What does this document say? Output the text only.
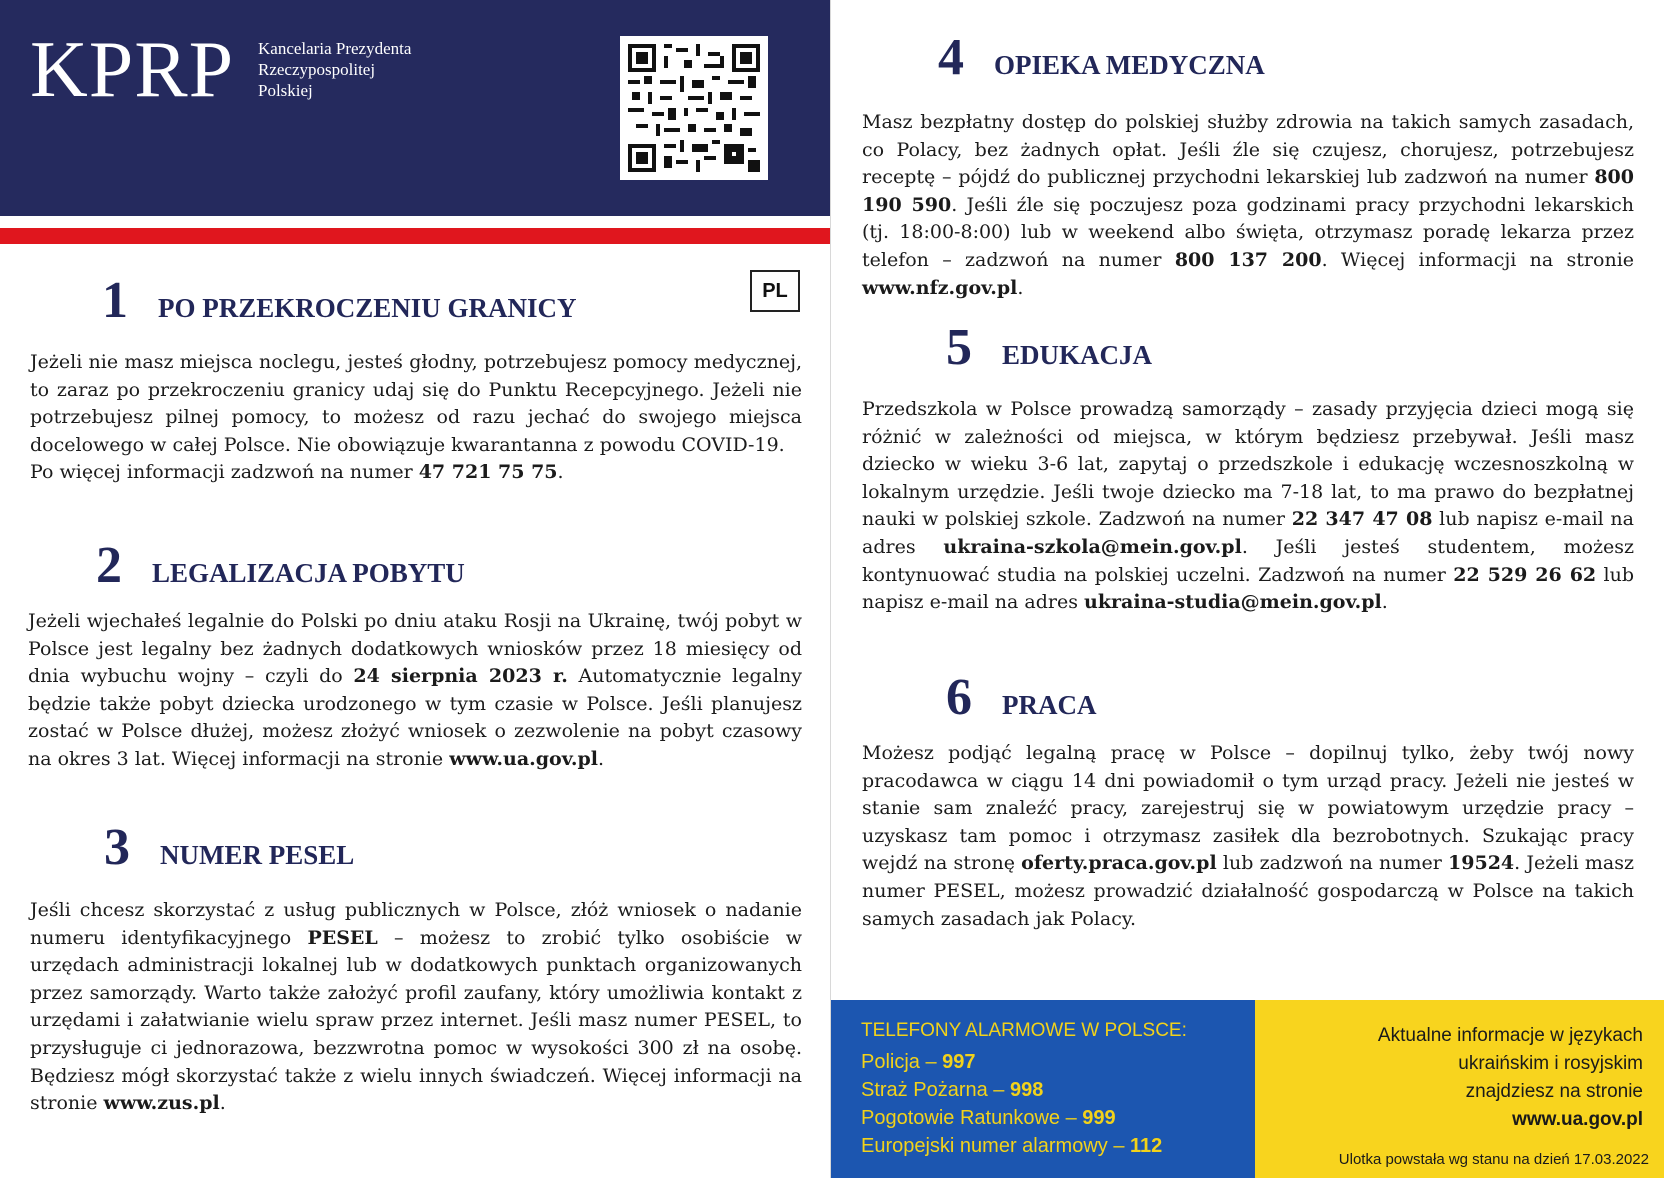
KPRP Kancelaria Prezydenta
Rzeczypospolitej
Polskiej
PL
1 PO PRZEKROCZENIU GRANICY
Jeżeli nie masz miejsca noclegu, jesteś głodny, potrzebujesz pomocy medycznej, to zaraz po przekroczeniu granicy udaj się do Punktu Recepcyjnego. Jeżeli nie potrzebujesz pilnej pomocy, to możesz od razu jechać do swojego miejsca docelowego w całej Polsce. Nie obowiązuje kwarantanna z powodu COVID-19.
Po więcej informacji zadzwoń na numer 47 721 75 75.
2 LEGALIZACJA POBYTU
Jeżeli wjechałeś legalnie do Polski po dniu ataku Rosji na Ukrainę, twój pobyt w Polsce jest legalny bez żadnych dodatkowych wniosków przez 18 miesięcy od dnia wybuchu wojny – czyli do 24 sierpnia 2023 r. Automatycznie legalny będzie także pobyt dziecka urodzonego w tym czasie w Polsce. Jeśli planujesz zostać w Polsce dłużej, możesz złożyć wniosek o zezwolenie na pobyt czasowy na okres 3 lat. Więcej informacji na stronie www.ua.gov.pl.
3 NUMER PESEL
Jeśli chcesz skorzystać z usług publicznych w Polsce, złóż wniosek o nadanie numeru identyfikacyjnego PESEL – możesz to zrobić tylko osobiście w urzędach administracji lokalnej lub w dodatkowych punktach organizowanych przez samorządy. Warto także założyć profil zaufany, który umożliwia kontakt z urzędami i załatwianie wielu spraw przez internet. Jeśli masz numer PESEL, to przysługuje ci jednorazowa, bezzwrotna pomoc w wysokości 300 zł na osobę. Będziesz mógł skorzystać także z wielu innych świadczeń. Więcej informacji na stronie www.zus.pl.
4 OPIEKA MEDYCZNA
Masz bezpłatny dostęp do polskiej służby zdrowia na takich samych zasadach, co Polacy, bez żadnych opłat. Jeśli źle się czujesz, chorujesz, potrzebujesz receptę – pójdź do publicznej przychodni lekarskiej lub zadzwoń na numer 800 190 590. Jeśli źle się poczujesz poza godzinami pracy przychodni lekarskich (tj. 18:00-8:00) lub w weekend albo święta, otrzymasz poradę lekarza przez telefon – zadzwoń na numer 800 137 200. Więcej informacji na stronie www.nfz.gov.pl.
5 EDUKACJA
Przedszkola w Polsce prowadzą samorządy – zasady przyjęcia dzieci mogą się różnić w zależności od miejsca, w którym będziesz przebywał. Jeśli masz dziecko w wieku 3-6 lat, zapytaj o przedszkole i edukację wczesnoszkolną w lokalnym urzędzie. Jeśli twoje dziecko ma 7-18 lat, to ma prawo do bezpłatnej nauki w polskiej szkole. Zadzwoń na numer 22 347 47 08 lub napisz e-mail na adres ukraina-szkola@mein.gov.pl. Jeśli jesteś studentem, możesz kontynuować studia na polskiej uczelni. Zadzwoń na numer 22 529 26 62 lub napisz e-mail na adres ukraina-studia@mein.gov.pl.
6 PRACA
Możesz podjąć legalną pracę w Polsce – dopilnuj tylko, żeby twój nowy pracodawca w ciągu 14 dni powiadomił o tym urząd pracy. Jeżeli nie jesteś w stanie sam znaleźć pracy, zarejestruj się w powiatowym urzędzie pracy – uzyskasz tam pomoc i otrzymasz zasiłek dla bezrobotnych. Szukając pracy wejdź na stronę oferty.praca.gov.pl lub zadzwoń na numer 19524. Jeżeli masz numer PESEL, możesz prowadzić działalność gospodarczą w Polsce na takich samych zasadach jak Polacy.
TELEFONY ALARMOWE W POLSCE:
Policja – 997
Straż Pożarna – 998
Pogotowie Ratunkowe – 999
Europejski numer alarmowy – 112
Aktualne informacje w językach
ukraińskim i rosyjskim
znajdziesz na stronie
www.ua.gov.pl
Ulotka powstała wg stanu na dzień 17.03.2022
